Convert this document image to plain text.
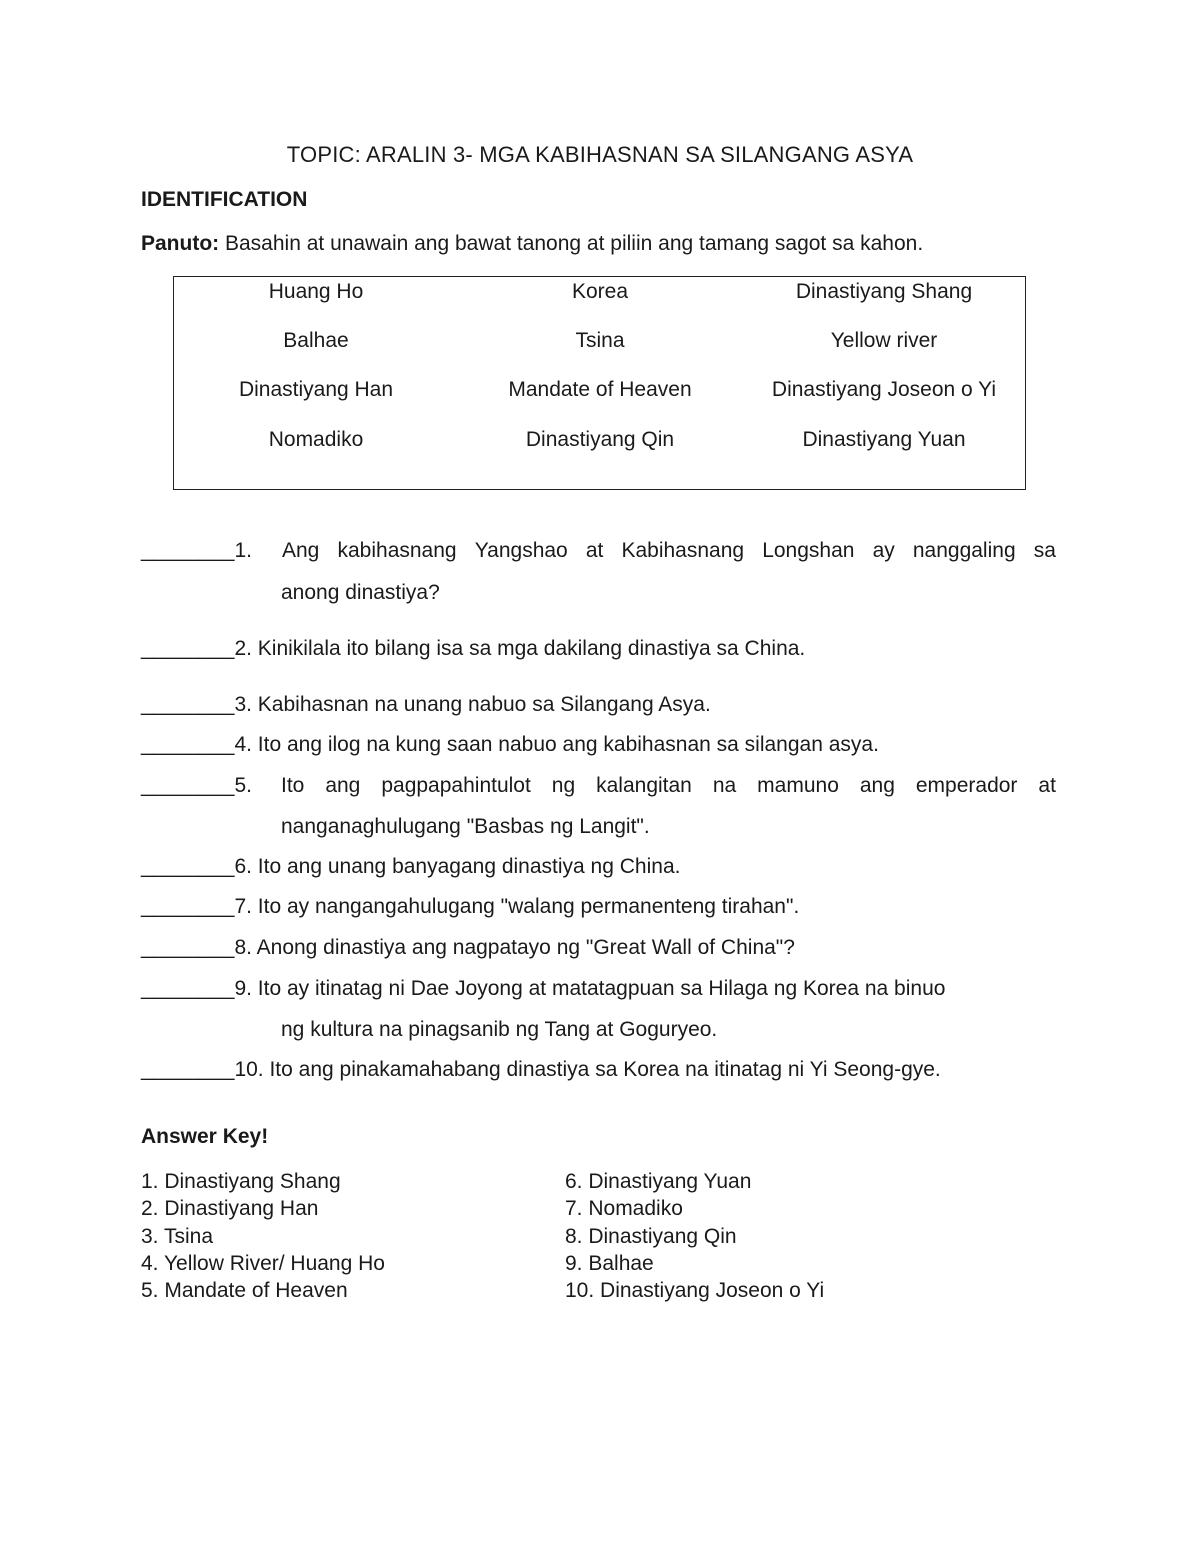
TOPIC: ARALIN 3- MGA KABIHASNAN SA SILANGANG ASYA
IDENTIFICATION
Panuto: Basahin at unawain ang bawat tanong at piliin ang tamang sagot sa kahon.
Huang Ho	Korea	Dinastiyang Shang
Balhae	Tsina	Yellow river
Dinastiyang Han	Mandate of Heaven	Dinastiyang Joseon o Yi
Nomadiko	Dinastiyang Qin	Dinastiyang Yuan
________1. Ang kabihasnang Yangshao at Kabihasnang Longshan ay nanggaling sa
anong dinastiya?
________2. Kinikilala ito bilang isa sa mga dakilang dinastiya sa China.
________3. Kabihasnan na unang nabuo sa Silangang Asya.
________4. Ito ang ilog na kung saan nabuo ang kabihasnan sa silangan asya.
________5. Ito ang pagpapahintulot ng kalangitan na mamuno ang emperador at
nanganaghulugang "Basbas ng Langit".
________6. Ito ang unang banyagang dinastiya ng China.
________7. Ito ay nangangahulugang "walang permanenteng tirahan".
________8. Anong dinastiya ang nagpatayo ng "Great Wall of China"?
________9. Ito ay itinatag ni Dae Joyong at matatagpuan sa Hilaga ng Korea na binuo
ng kultura na pinagsanib ng Tang at Goguryeo.
________10. Ito ang pinakamahabang dinastiya sa Korea na itinatag ni Yi Seong-gye.
Answer Key!
1. Dinastiyang Shang
2. Dinastiyang Han
3. Tsina
4. Yellow River/ Huang Ho
5. Mandate of Heaven
6. Dinastiyang Yuan
7. Nomadiko
8. Dinastiyang Qin
9. Balhae
10. Dinastiyang Joseon o Yi
